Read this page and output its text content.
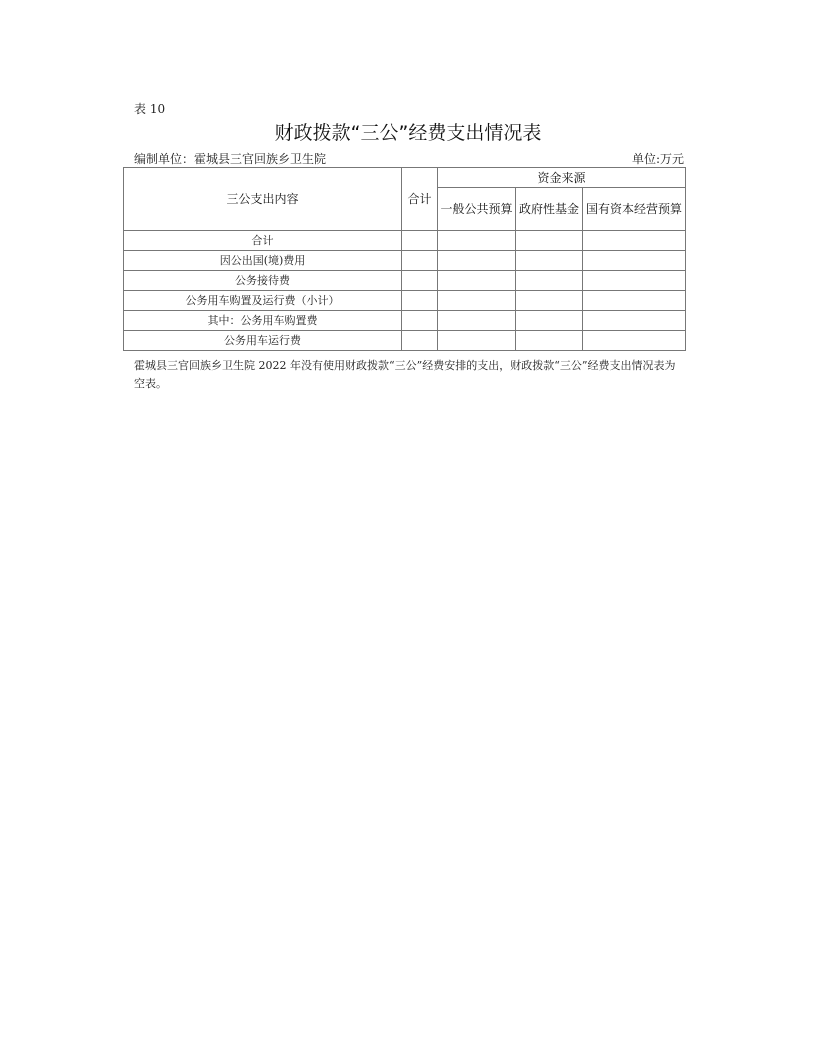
表 10
财政拨款“三公”经费支出情况表
编制单位：霍城县三官回族乡卫生院	单位:万元
三公支出内容	合计	资金来源		
		一般公共预算	政府性基金	国有资本经营预算
合计				
因公出国(境)费用				
公务接待费				
公务用车购置及运行费（小计）				
其中：公务用车购置费				
公务用车运行费				
霍城县三官回族乡卫生院 2022 年没有使用财政拨款“三公”经费安排的支出，财政拨款“三公”经费支出情况表为空表。
